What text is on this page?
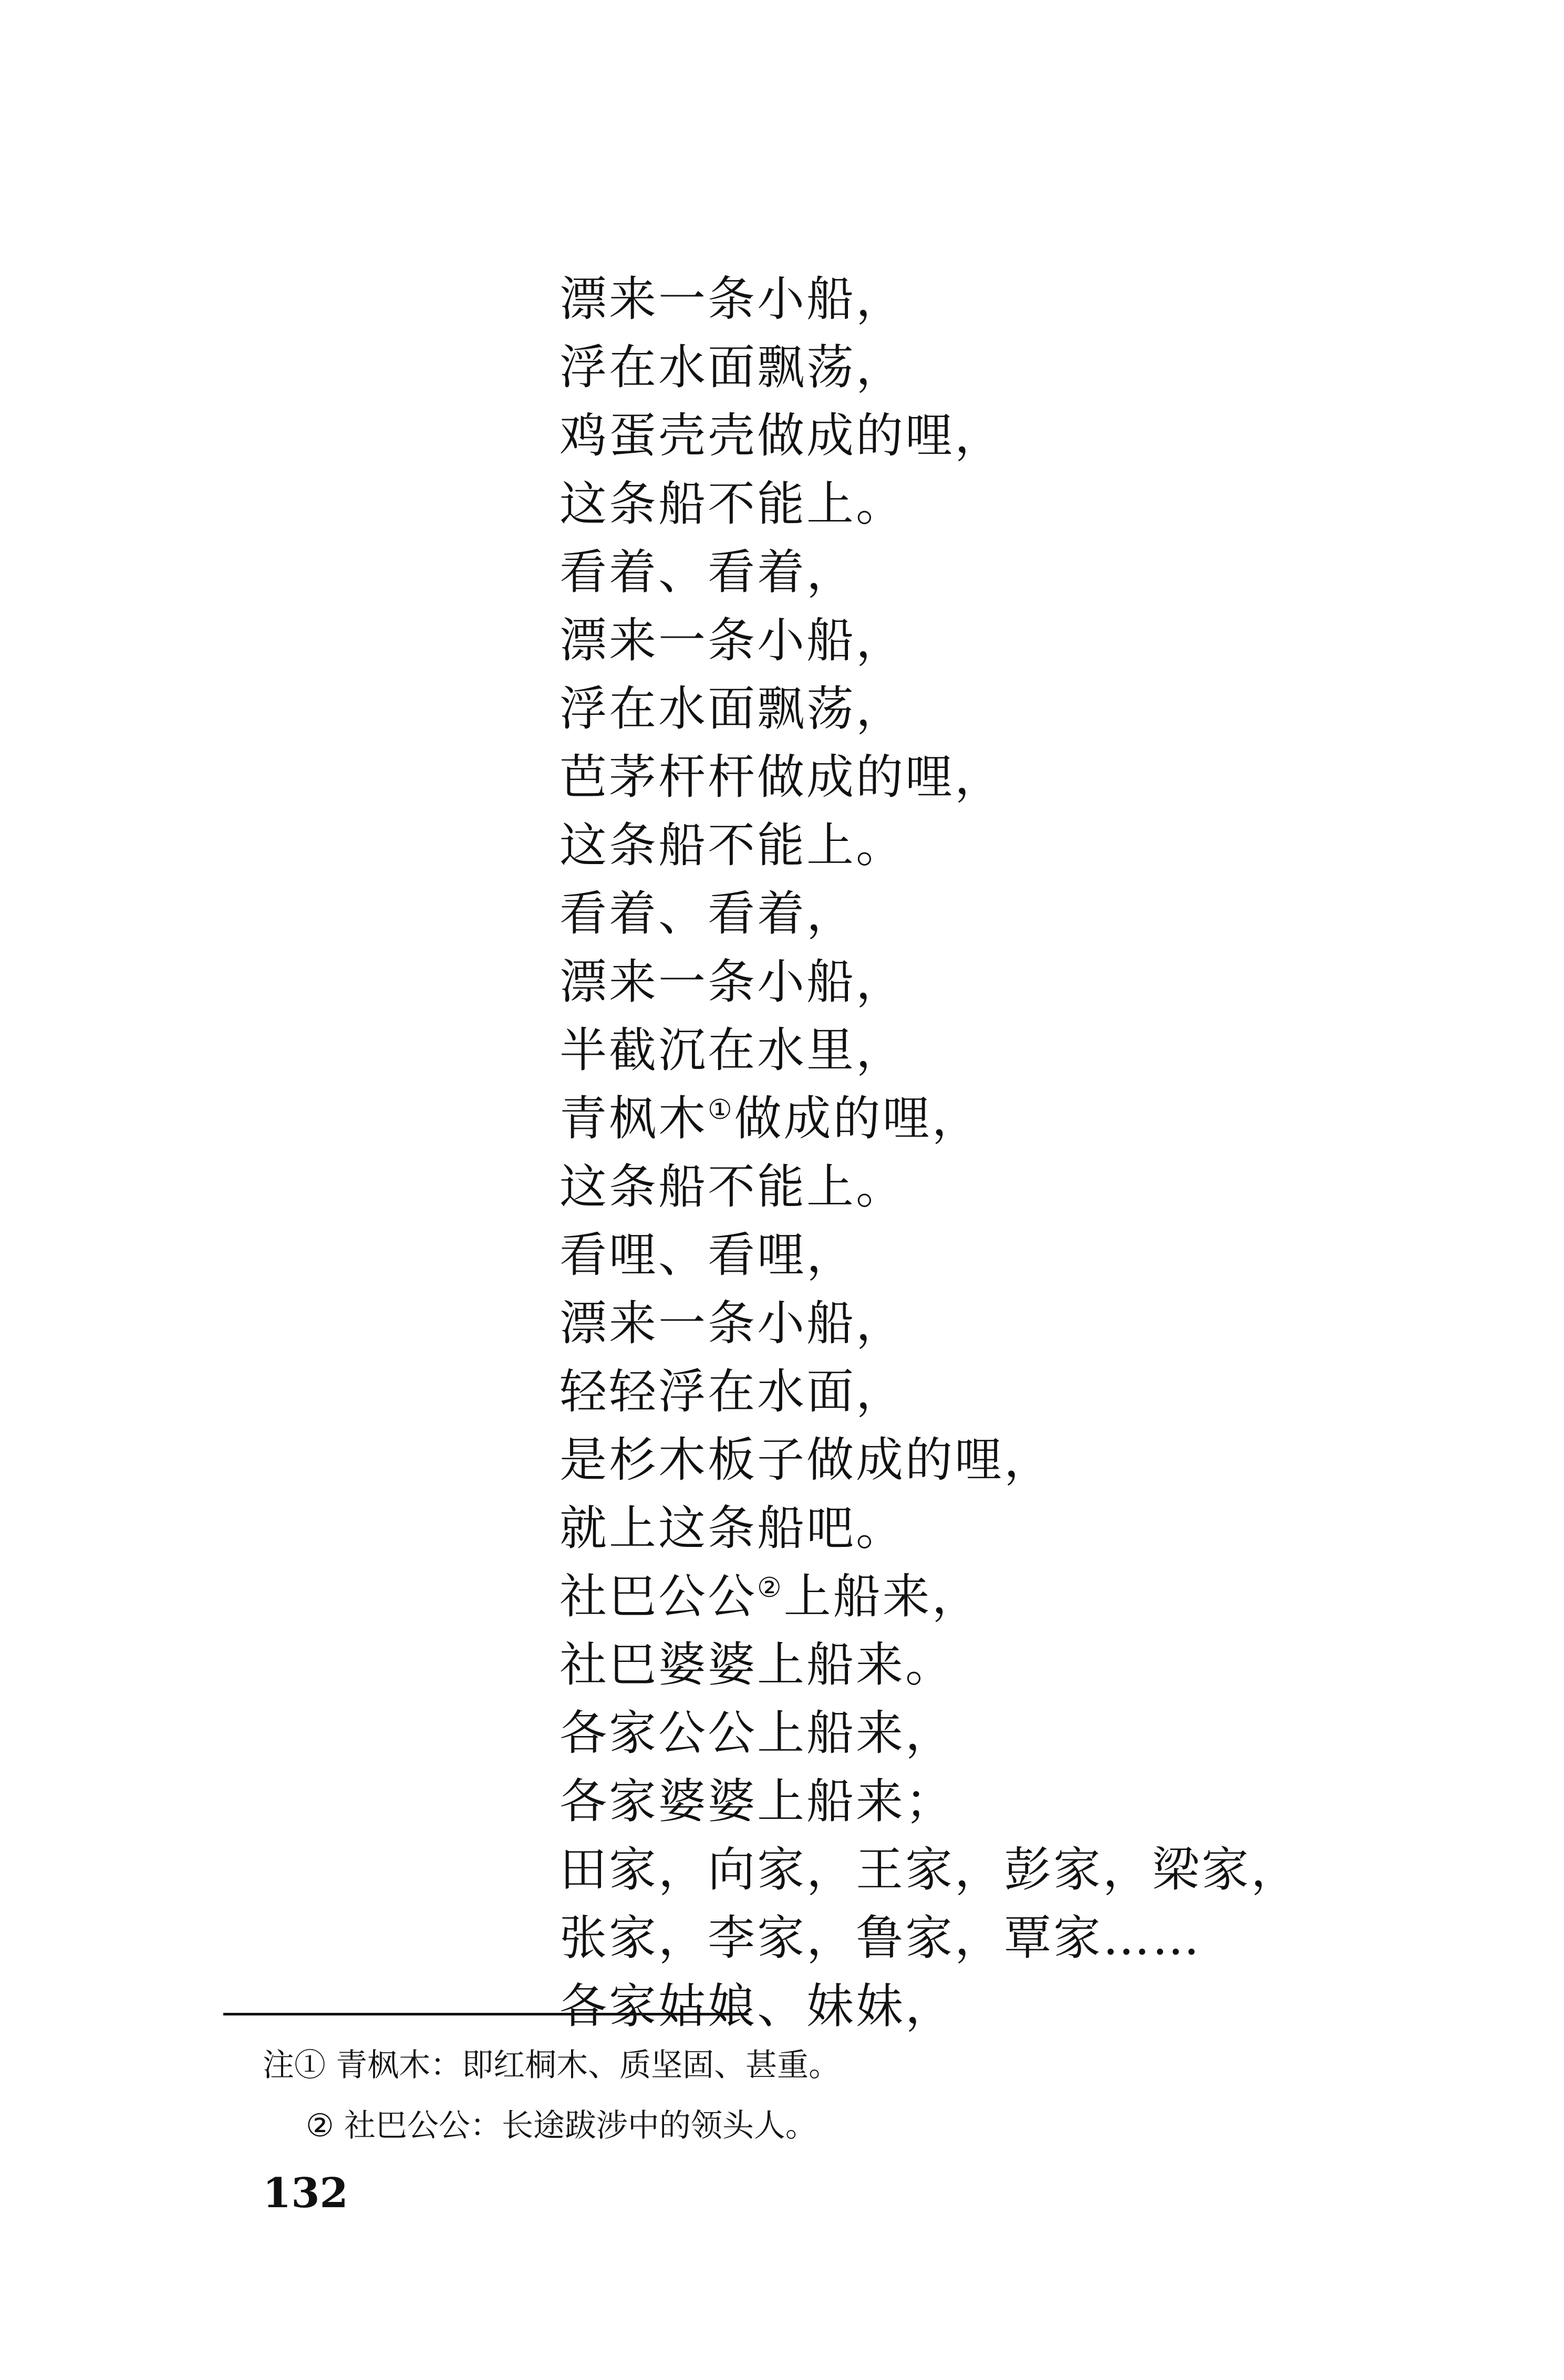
漂来一条小船，
浮在水面飘荡，
鸡蛋壳壳做成的哩，
这条船不能上。
看着、看着，
漂来一条小船，
浮在水面飘荡，
芭茅杆杆做成的哩，
这条船不能上。
看着、看着，
漂来一条小船，
半截沉在水里，
青枫木①做成的哩，
这条船不能上。
看哩、看哩，
漂来一条小船，
轻轻浮在水面，
是杉木板子做成的哩，
就上这条船吧。
社巴公公②上船来，
社巴婆婆上船来。
各家公公上船来，
各家婆婆上船来；
田家，向家，王家，彭家，梁家，
张家，李家，鲁家，覃家……
各家姑娘、妹妹，
注① 青枫木：即红桐木、质坚固、甚重。
② 社巴公公：长途跋涉中的领头人。
132
